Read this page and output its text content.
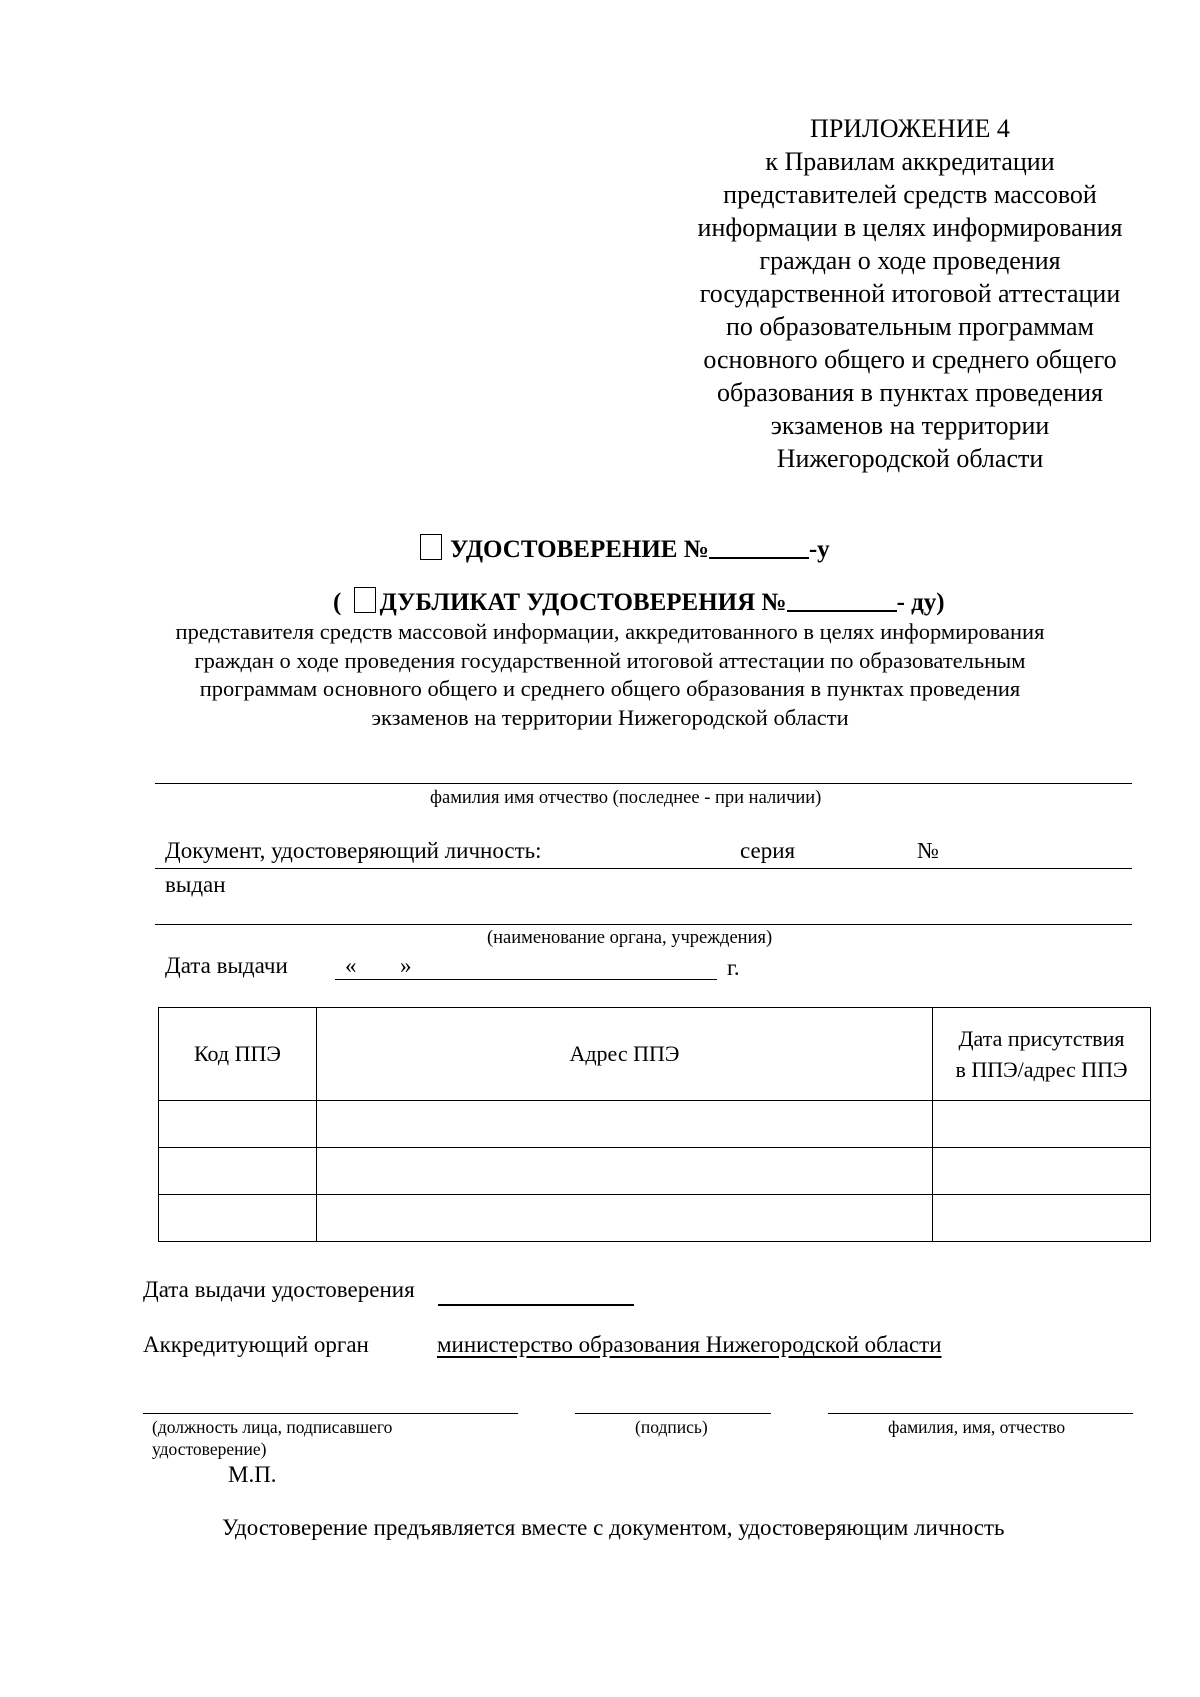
ПРИЛОЖЕНИЕ 4
к Правилам аккредитации
представителей средств массовой
информации в целях информирования
граждан о ходе проведения
государственной итоговой аттестации
по образовательным программам
основного общего и среднего общего
образования в пунктах проведения
экзаменов на территории
Нижегородской области
УДОСТОВЕРЕНИЕ №	-у
( ДУБЛИКАТ УДОСТОВЕРЕНИЯ №	- ду)
представителя средств массовой информации, аккредитованного в целях информирования
граждан о ходе проведения государственной итоговой аттестации по образовательным
программам основного общего и среднего общего образования в пунктах проведения
экзаменов на территории Нижегородской области
фамилия имя отчество (последнее - при наличии)
Документ, удостоверяющий личность:	серия	№
выдан
(наименование органа, учреждения)
Дата выдачи « »	г.
Код ППЭ	Адрес ППЭ	Дата присутствия в ППЭ/адрес ППЭ

Дата выдачи удостоверения
Аккредитующий орган	министерство образования Нижегородской области
(должность лица, подписавшего
удостоверение)
(подпись)	фамилия, имя, отчество
М.П.
Удостоверение предъявляется вместе с документом, удостоверяющим личность
